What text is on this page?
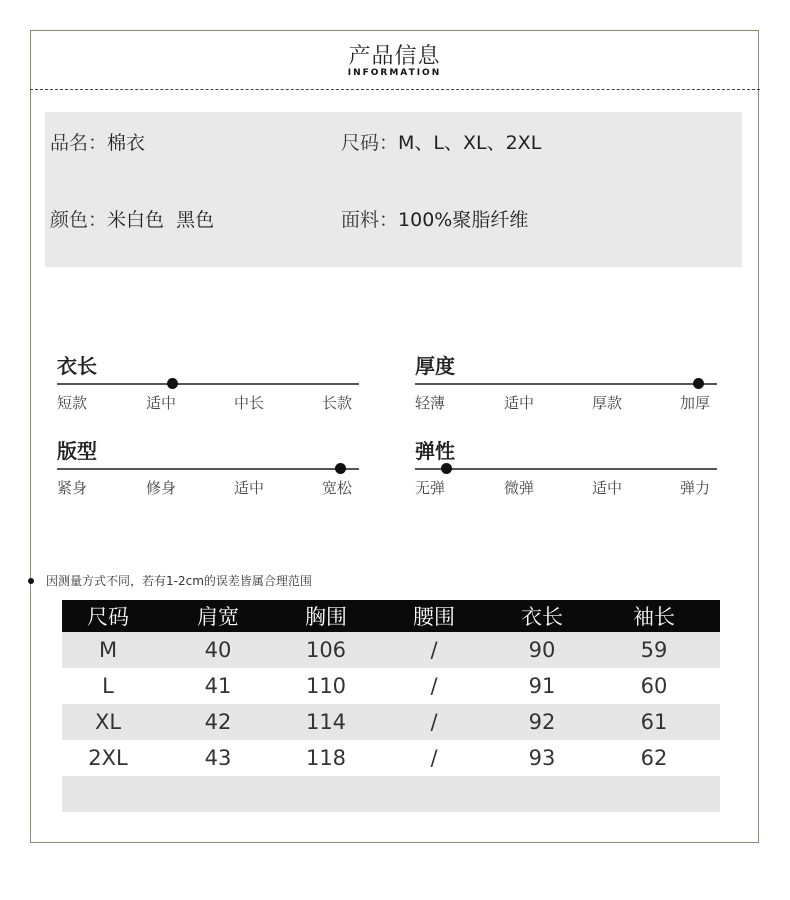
产品信息
INFORMATION
品名：棉衣	尺码：M、L、XL、2XL
颜色：米白色  黑色	面料：100%聚脂纤维
衣长
短款	适中	中长	长款
厚度
轻薄	适中	厚款	加厚
版型
紧身	修身	适中	宽松
弹性
无弹	微弹	适中	弹力
因测量方式不同，若有1-2cm的误差皆属合理范围
尺码	肩宽	胸围	腰围	衣长	袖长
M	40	106	/	90	59
L	41	110	/	91	60
XL	42	114	/	92	61
2XL	43	118	/	93	62
